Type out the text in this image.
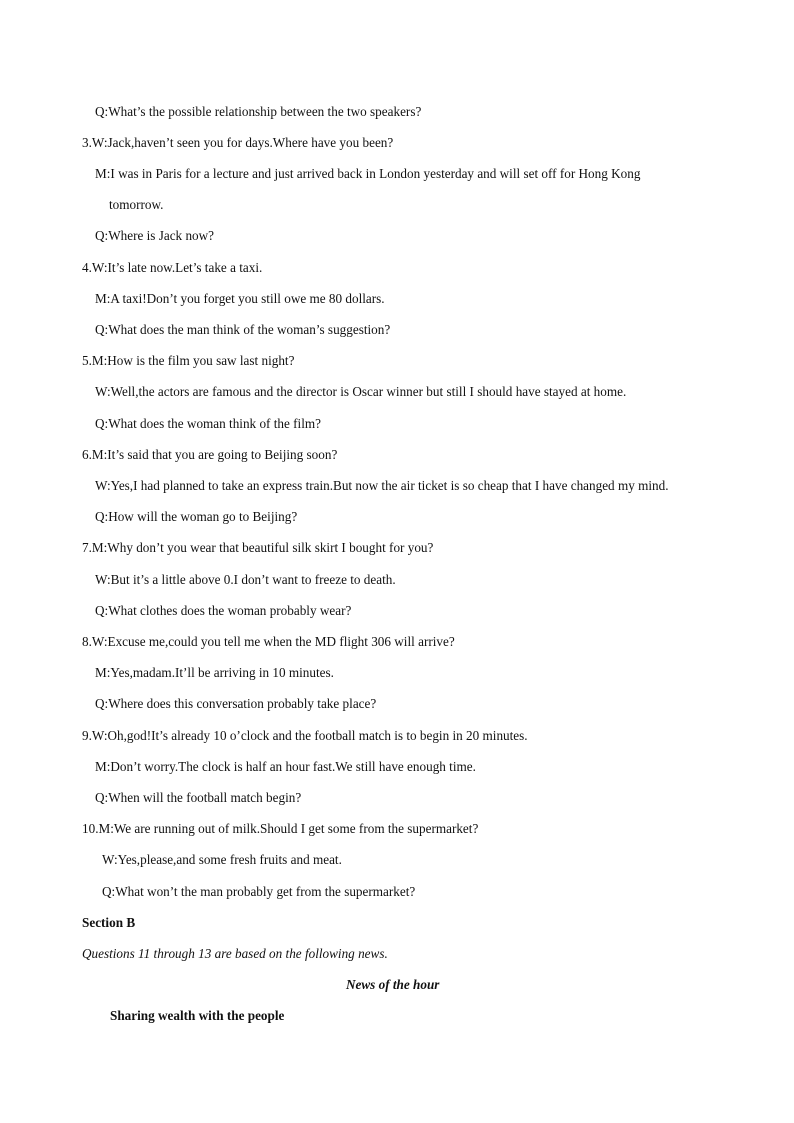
Q:What’s the possible relationship between the two speakers?
3.W:Jack,haven’t seen you for days.Where have you been?
M:I was in Paris for a lecture and just arrived back in London yesterday and will set off for Hong Kong
tomorrow.
Q:Where is Jack now?
4.W:It’s late now.Let’s take a taxi.
M:A taxi!Don’t you forget you still owe me 80 dollars.
Q:What does the man think of the woman’s suggestion?
5.M:How is the film you saw last night?
W:Well,the actors are famous and the director is Oscar winner but still I should have stayed at home.
Q:What does the woman think of the film?
6.M:It’s said that you are going to Beijing soon?
W:Yes,I had planned to take an express train.But now the air ticket is so cheap that I have changed my mind.
Q:How will the woman go to Beijing?
7.M:Why don’t you wear that beautiful silk skirt I bought for you?
W:But it’s a little above 0.I don’t want to freeze to death.
Q:What clothes does the woman probably wear?
8.W:Excuse me,could you tell me when the MD flight 306 will arrive?
M:Yes,madam.It’ll be arriving in 10 minutes.
Q:Where does this conversation probably take place?
9.W:Oh,god!It’s already 10 o’clock and the football match is to begin in 20 minutes.
M:Don’t worry.The clock is half an hour fast.We still have enough time.
Q:When will the football match begin?
10.M:We are running out of milk.Should I get some from the supermarket?
W:Yes,please,and some fresh fruits and meat.
Q:What won’t the man probably get from the supermarket?
Section B
Questions 11 through 13 are based on the following news.
News of the hour
Sharing wealth with the people
